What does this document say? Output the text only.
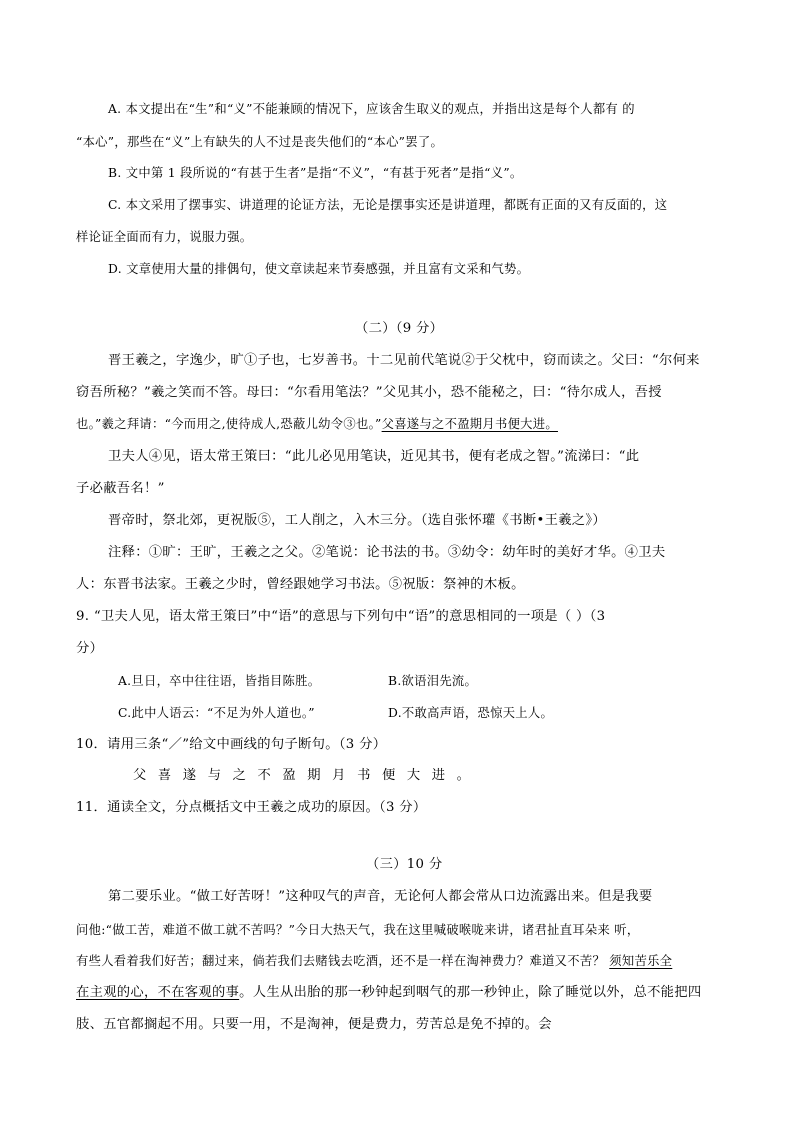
A. 本文提出在“生”和“义”不能兼顾的情况下，应该舍生取义的观点，并指出这是每个人都有 的
“本心”，那些在“义”上有缺失的人不过是丧失他们的“本心”罢了。
B. 文中第 1 段所说的“有甚于生者”是指“不义”，“有甚于死者”是指“义”。
C. 本文采用了摆事实、讲道理的论证方法，无论是摆事实还是讲道理，都既有正面的又有反面的，这
样论证全面而有力，说服力强。
D. 文章使用大量的排偶句，使文章读起来节奏感强，并且富有文采和气势。
（二）（9 分）
晋王羲之，字逸少，旷①子也，七岁善书。十二见前代笔说②于父枕中，窃而读之。父曰：“尔何来
窃吾所秘？”羲之笑而不答。母曰：“尔看用笔法？”父见其小，恐不能秘之，曰：“待尔成人，吾授
也。”羲之拜请：“今而用之,使待成人,恐蔽儿幼令③也。”父喜遂与之不盈期月书便大进。
卫夫人④见，语太常王策曰：“此儿必见用笔诀，近见其书，便有老成之智。”流涕曰：“此
子必蔽吾名！”
晋帝时，祭北郊，更祝版⑤，工人削之，入木三分。（选自张怀瓘《书断•王羲之》）
注释：①旷：王旷，王羲之之父。②笔说：论书法的书。③幼令：幼年时的美好才华。④卫夫
人：东晋书法家。王羲之少时，曾经跟她学习书法。⑤祝版：祭神的木板。
9. “卫夫人见，语太常王策曰”中“语”的意思与下列句中“语”的意思相同的一项是（ ）（3
分）
A.旦日，卒中往往语，皆指目陈胜。	B.欲语泪先流。
C.此中人语云：“不足为外人道也。”	D.不敢高声语，恐惊天上人。
10．请用三条“／”给文中画线的句子断句。（3 分）
父喜遂与之不盈期月书便大进。
11．通读全文，分点概括文中王羲之成功的原因。（3 分）
（三）10 分
第二要乐业。“做工好苦呀！”这种叹气的声音，无论何人都会常从口边流露出来。但是我要
问他:“做工苦，难道不做工就不苦吗？”今日大热天气，我在这里喊破喉咙来讲，诸君扯直耳朵来 听，
有些人看着我们好苦；翻过来，倘若我们去赌钱去吃酒，还不是一样在淘神费力？难道又不苦？ 须知苦乐全
在主观的心，不在客观的事。人生从出胎的那一秒钟起到咽气的那一秒钟止，除了睡觉以外，总不能把四
肢、五官都搁起不用。只要一用，不是淘神，便是费力，劳苦总是免不掉的。会
